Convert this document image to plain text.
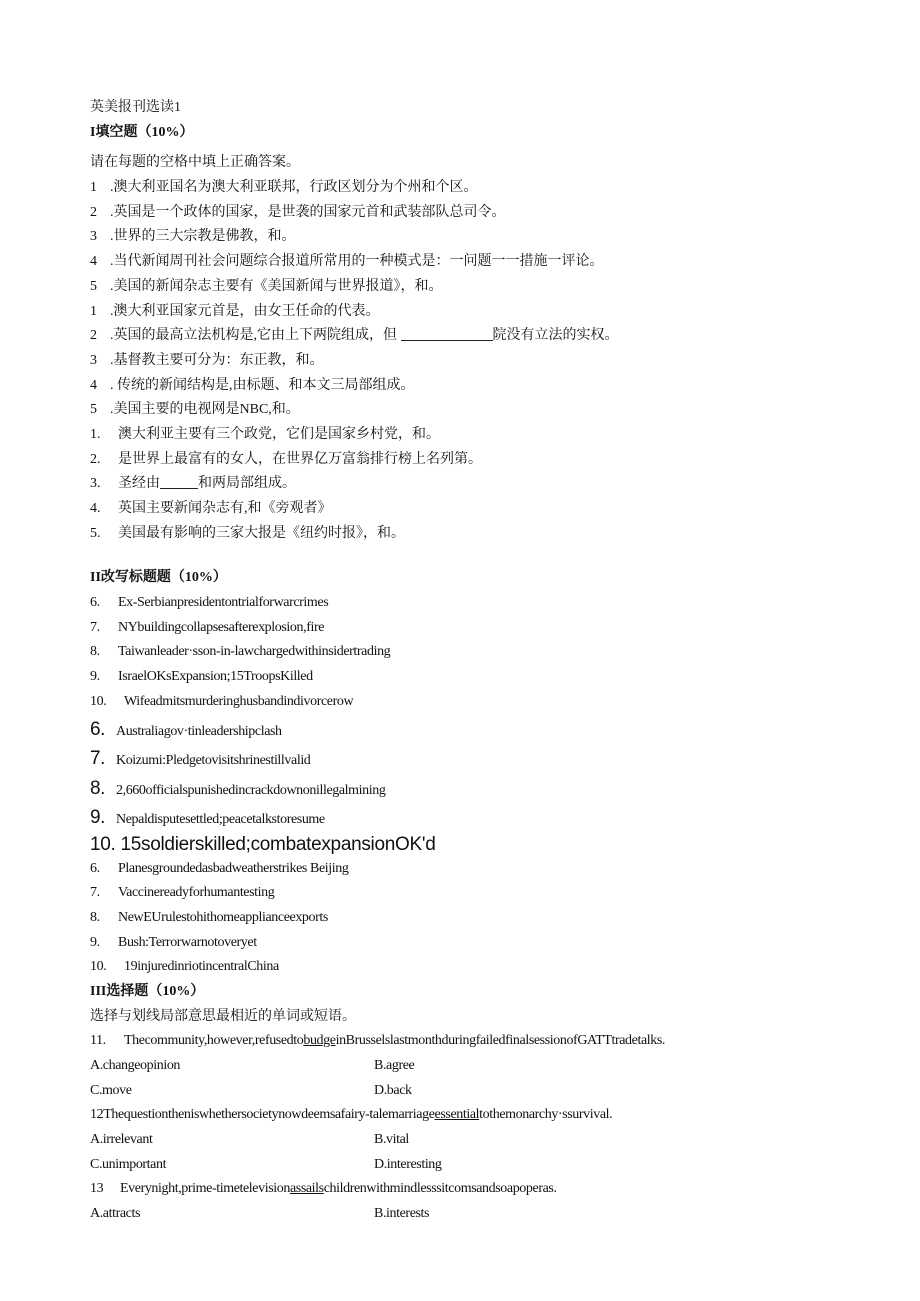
英美报刊选读1
I填空题（10%）
请在每题的空格中填上正确答案。
1 .澳大利亚国名为澳大利亚联邦，行政区划分为个州和个区。
2 .英国是一个政体的国家，是世袭的国家元首和武装部队总司令。
3 .世界的三大宗教是佛教，和。
4 .当代新闻周刊社会问题综合报道所常用的一种模式是：一问题一一措施一评论。
5 .美国的新闻杂志主要有《美国新闻与世界报道》，和。
1 .澳大利亚国家元首是，由女王任命的代表。
2 .英国的最高立法机构是,它由上下两院组成，但	院没有立法的实权。
3 .基督教主要可分为：东正教，和。
4 . 传统的新闻结构是,由标题、和本文三局部组成。
5 .美国主要的电视网是NBC,和。
1. 澳大利亚主要有三个政党，它们是国家乡村党，和。
2. 是世界上最富有的女人，在世界亿万富翁排行榜上名列第。
3. 圣经由	和两局部组成。
4. 英国主要新闻杂志有,和《旁观者》
5. 美国最有影响的三家大报是《纽约时报》，和。
II改写标题题（10%）
6. Ex-Serbianpresidentontrialforwarcrimes
7. NYbuildingcollapsesafterexplosion,fire
8. Taiwanleader·sson-in-lawchargedwithinsidertrading
9. IsraelOKsExpansion;15TroopsKilled
10. Wifeadmitsmurderinghusbandindivorcerow
6. Australiagov·tinleadershipclash
7. Koizumi:Pledgetovisitshrinestillvalid
8. 2,660officialspunishedincrackdownonillegalmining
9. Nepaldisputesettled;peacetalkstoresume
10. 15soldierskilled;combatexpansionOK'd
6. Planesgroundedasbadweatherstrikes Beijing
7. Vaccinereadyforhumantesting
8. NewEUrulestohithomeapplianceexports
9. Bush:Terrorwarnotoveryet
10. 19injuredinriotincentralChina
III选择题（10%）
选择与划线局部意思最相近的单词或短语。
11. Thecommunity,however,refusedtobudgeinBrusselslastmonthduringfailedfinalsessionofGATTtradetalks.
A.changeopinion	B.agree
C.move	D.back
12Thequestiontheniswhethersocietynowdeemsafairy-talemarriageessentialtothemonarchy·ssurvival.
A.irrelevant	B.vital
C.unimportant	D.interesting
13 Everynight,prime-timetelevisionassailschildrenwithmindlesssitcomsandsoapoperas.
A.attracts	B.interests
